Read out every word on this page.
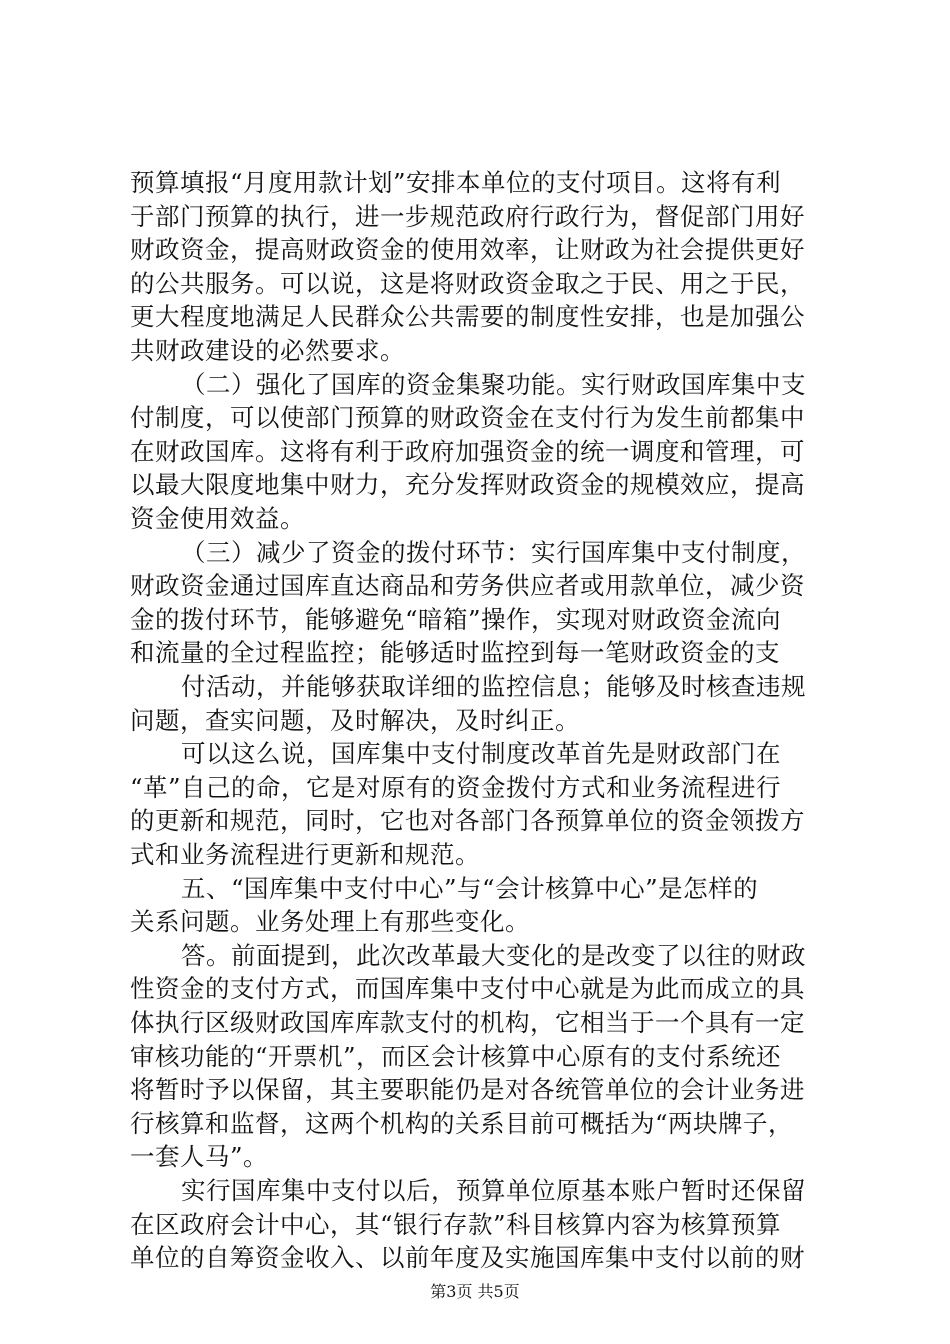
预算填报“月度用款计划”安排本单位的支付项目。这将有利
于部门预算的执行，进一步规范政府行政行为，督促部门用好
财政资金，提高财政资金的使用效率，让财政为社会提供更好
的公共服务。可以说，这是将财政资金取之于民、用之于民，
更大程度地满足人民群众公共需要的制度性安排，也是加强公
共财政建设的必然要求。
（二）强化了国库的资金集聚功能。实行财政国库集中支
付制度，可以使部门预算的财政资金在支付行为发生前都集中
在财政国库。这将有利于政府加强资金的统一调度和管理，可
以最大限度地集中财力，充分发挥财政资金的规模效应，提高
资金使用效益。
（三）减少了资金的拨付环节：实行国库集中支付制度，
财政资金通过国库直达商品和劳务供应者或用款单位，减少资
金的拨付环节，能够避免“暗箱”操作，实现对财政资金流向
和流量的全过程监控；能够适时监控到每一笔财政资金的支
付活动，并能够获取详细的监控信息；能够及时核查违规
问题，查实问题，及时解决，及时纠正。
可以这么说，国库集中支付制度改革首先是财政部门在
“革”自己的命，它是对原有的资金拨付方式和业务流程进行
的更新和规范，同时，它也对各部门各预算单位的资金领拨方
式和业务流程进行更新和规范。
五、“国库集中支付中心”与“会计核算中心”是怎样的
关系问题。业务处理上有那些变化。
答。前面提到，此次改革最大变化的是改变了以往的财政
性资金的支付方式，而国库集中支付中心就是为此而成立的具
体执行区级财政国库库款支付的机构，它相当于一个具有一定
审核功能的“开票机”，而区会计核算中心原有的支付系统还
将暂时予以保留，其主要职能仍是对各统管单位的会计业务进
行核算和监督，这两个机构的关系目前可概括为“两块牌子，
一套人马”。
实行国库集中支付以后，预算单位原基本账户暂时还保留
第3页 共5页
在区政府会计中心，其“银行存款”科目核算内容为核算预算
单位的自筹资金收入、以前年度及实施国库集中支付以前的财
